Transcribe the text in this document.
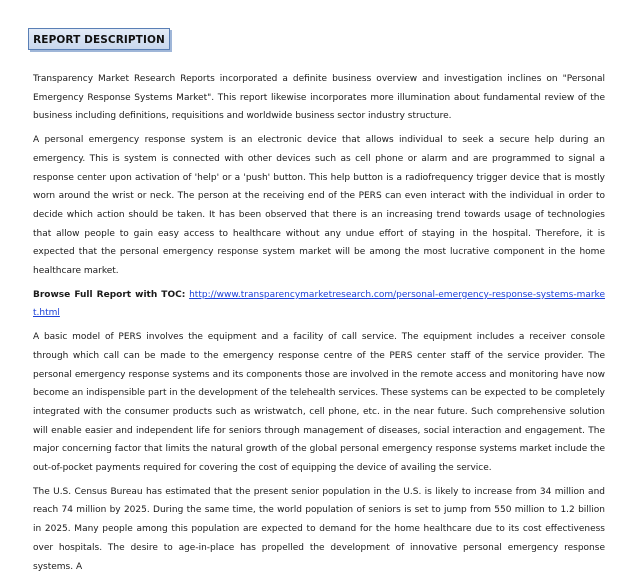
REPORT DESCRIPTION

Transparency Market Research Reports incorporated a definite business overview and investigation inclines on "Personal Emergency Response Systems Market". This report likewise incorporates more illumination about fundamental review of the business including definitions, requisitions and worldwide business sector industry structure.

A personal emergency response system is an electronic device that allows individual to seek a secure help during an emergency. This is system is connected with other devices such as cell phone or alarm and are programmed to signal a response center upon activation of 'help' or a 'push' button. This help button is a radiofrequency trigger device that is mostly worn around the wrist or neck. The person at the receiving end of the PERS can even interact with the individual in order to decide which action should be taken. It has been observed that there is an increasing trend towards usage of technologies that allow people to gain easy access to healthcare without any undue effort of staying in the hospital. Therefore, it is expected that the personal emergency response system market will be among the most lucrative component in the home healthcare market.

Browse Full Report with TOC: http://www.transparencymarketresearch.com/personal-emergency-response-systems-market.html

A basic model of PERS involves the equipment and a facility of call service. The equipment includes a receiver console through which call can be made to the emergency response centre of the PERS center staff of the service provider. The personal emergency response systems and its components those are involved in the remote access and monitoring have now become an indispensible part in the development of the telehealth services. These systems can be expected to be completely integrated with the consumer products such as wristwatch, cell phone, etc. in the near future. Such comprehensive solution will enable easier and independent life for seniors through management of diseases, social interaction and engagement. The major concerning factor that limits the natural growth of the global personal emergency response systems market include the out-of-pocket payments required for covering the cost of equipping the device of availing the service.

The U.S. Census Bureau has estimated that the present senior population in the U.S. is likely to increase from 34 million and reach 74 million by 2025. During the same time, the world population of seniors is set to jump from 550 million to 1.2 billion in 2025. Many people among this population are expected to demand for the home healthcare due to its cost effectiveness over hospitals. The desire to age-in-place has propelled the development of innovative personal emergency response systems. A
